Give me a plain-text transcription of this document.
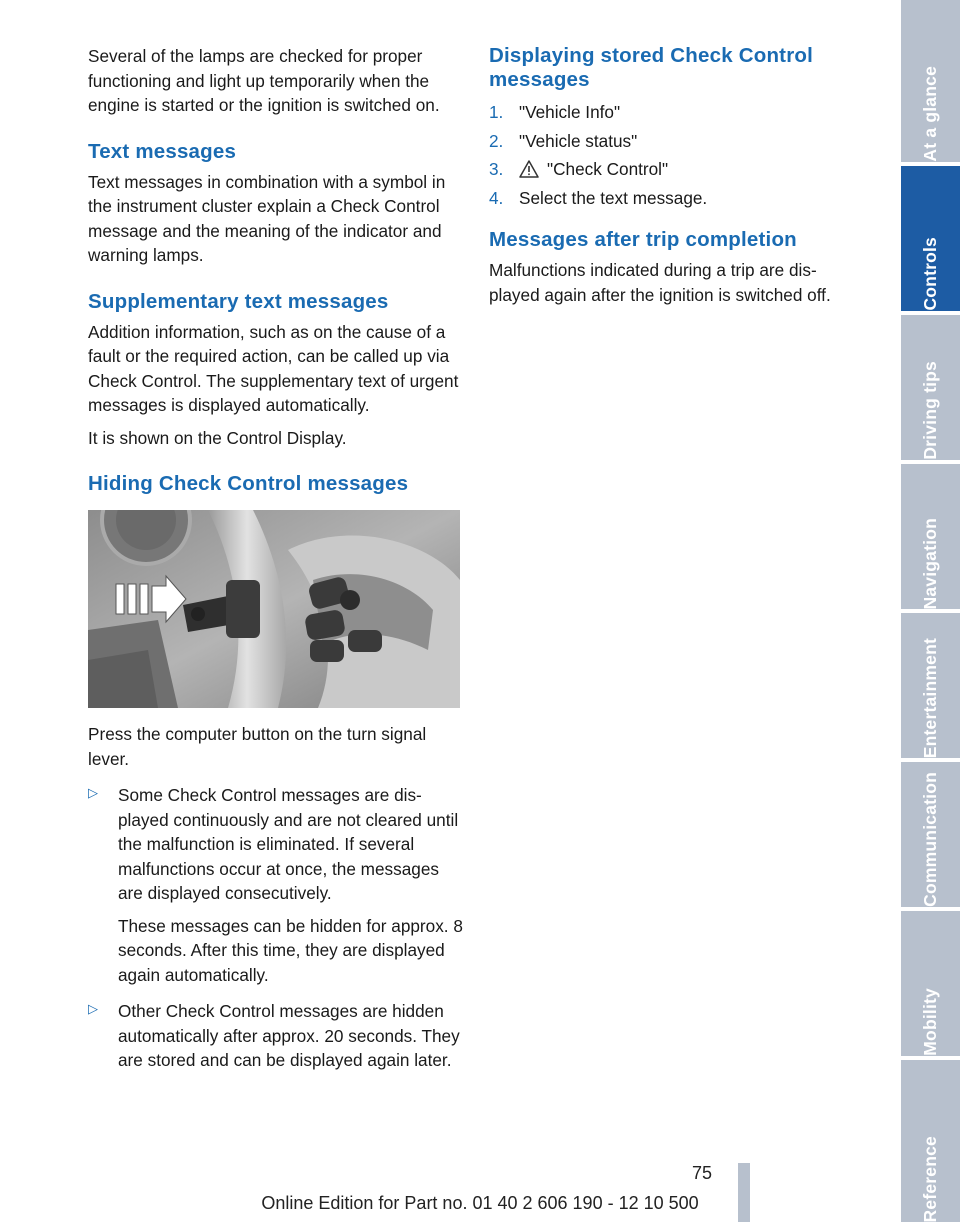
Several of the lamps are checked for proper functioning and light up temporarily when the engine is started or the ignition is switched on.

Text messages

Text messages in combination with a symbol in the instrument cluster explain a Check Control message and the meaning of the indicator and warning lamps.

Supplementary text messages

Addition information, such as on the cause of a fault or the required action, can be called up via Check Control. The supplementary text of urgent messages is displayed automatically.

It is shown on the Control Display.

Hiding Check Control messages

Press the computer button on the turn signal lever.

▷	Some Check Control messages are displayed continuously and are not cleared until the malfunction is eliminated. If several malfunctions occur at once, the messages are displayed consecutively.

These messages can be hidden for approx. 8 seconds. After this time, they are displayed again automatically.

▷	Other Check Control messages are hidden automatically after approx. 20 seconds. They are stored and can be displayed again later.

Displaying stored Check Control messages
1. "Vehicle Info"
2. "Vehicle status"
3.	"Check Control"
4. Select the text message.
Messages after trip completion

Malfunctions indicated during a trip are displayed again after the ignition is switched off.

At a glance
Controls
Driving tips
Navigation
Entertainment
Communication
Mobility
Reference
75
Online Edition for Part no. 01 40 2 606 190 - 12 10 500
